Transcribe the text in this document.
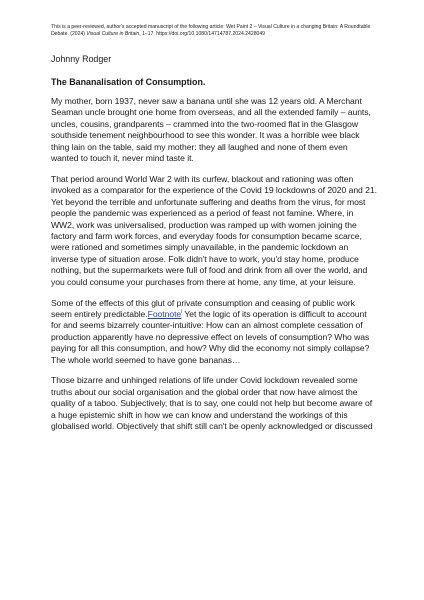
This is a peer-reviewed, author's accepted manuscript of the following article: Wet Paint 2 – Visual Culture in a changing Britain: A Roundtable Debate. (2024) Visual Culture in Britain, 1–17. https://doi.org/10.1080/14714787.2024.2428049

Johnny Rodger

The Bananalisation of Consumption.

My mother, born 1937, never saw a banana until she was 12 years old. A Merchant Seaman uncle brought one home from overseas, and all the extended family – aunts, uncles, cousins, grandparents – crammed into the two-roomed flat in the Glasgow southside tenement neighbourhood to see this wonder. It was a horrible wee black thing lain on the table, said my mother: they all laughed and none of them even wanted to touch it, never mind taste it.

That period around World War 2 with its curfew, blackout and rationing was often invoked as a comparator for the experience of the Covid 19 lockdowns of 2020 and 21. Yet beyond the terrible and unfortunate suffering and deaths from the virus, for most people the pandemic was experienced as a period of feast not famine. Where, in WW2, work was universalised, production was ramped up with women joining the factory and farm work forces, and everyday foods for consumption became scarce, were rationed and sometimes simply unavailable, in the pandemic lockdown an inverse type of situation arose. Folk didn't have to work, you'd stay home, produce nothing, but the supermarkets were full of food and drink from all over the world, and you could consume your purchases from there at home, any time, at your leisure.

Some of the effects of this glut of private consumption and ceasing of public work seem entirely predictable.Footnote$^i$ Yet the logic of its operation is difficult to account for and seems bizarrely counter-intuitive: How can an almost complete cessation of production apparently have no depressive effect on levels of consumption? Who was paying for all this consumption, and how? Why did the economy not simply collapse? The whole world seemed to have gone bananas…

Those bizarre and unhinged relations of life under Covid lockdown revealed some truths about our social organisation and the global order that now have almost the quality of a taboo. Subjectively, that is to say, one could not help but become aware of a huge epistemic shift in how we can know and understand the workings of this globalised world. Objectively that shift still can't be openly acknowledged or discussed
